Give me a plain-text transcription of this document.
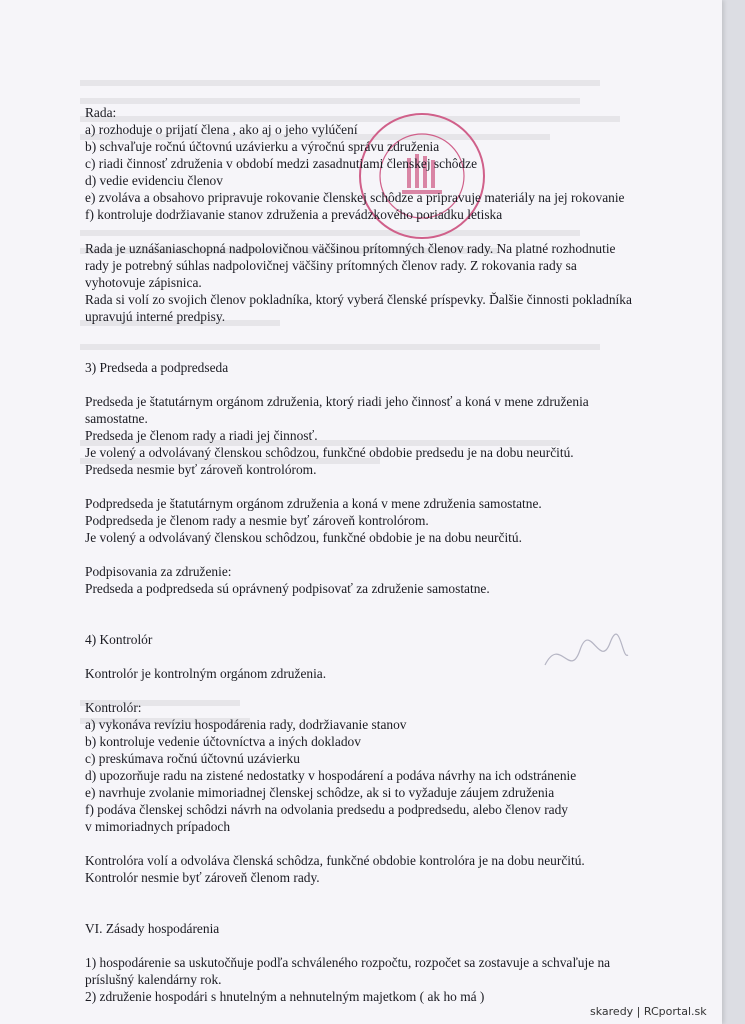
Rada:

a) rozhoduje o prijatí člena , ako aj o jeho vylúčení

b) schvaľuje ročnú účtovnú uzávierku a výročnú správu združenia

c) riadi činnosť združenia v období medzi zasadnutiami členskej schôdze

d) vedie evidenciu členov

e) zvoláva a obsahovo pripravuje rokovanie členskej schôdze a pripravuje materiály na jej rokovanie

f) kontroluje dodržiavanie stanov združenia a prevádzkového poriadku letiska

Rada je uznášaniaschopná nadpolovičnou väčšinou prítomných členov rady. Na platné rozhodnutie

rady je potrebný súhlas nadpolovičnej väčšiny prítomných členov rady. Z rokovania rady sa

vyhotovuje zápisnica.

Rada si volí zo svojich členov pokladníka, ktorý vyberá členské príspevky. Ďalšie činnosti pokladníka

upravujú interné predpisy.

3) Predseda a podpredseda

Predseda je štatutárnym orgánom združenia, ktorý riadi jeho činnosť a koná v mene združenia

samostatne.

Predseda je členom rady a riadi jej činnosť.

Je volený a odvolávaný členskou schôdzou, funkčné obdobie predsedu je na dobu neurčitú.

Predseda nesmie byť zároveň kontrolórom.

Podpredseda je štatutárnym orgánom združenia a koná v mene združenia samostatne.

Podpredseda je členom rady a nesmie byť zároveň kontrolórom.

Je volený a odvolávaný členskou schôdzou, funkčné obdobie je na dobu neurčitú.

Podpisovania za združenie:

Predseda a podpredseda sú oprávnený podpisovať za združenie samostatne.

4) Kontrolór

Kontrolór je kontrolným orgánom združenia.

Kontrolór:

a) vykonáva revíziu hospodárenia rady, dodržiavanie stanov

b) kontroluje vedenie účtovníctva a iných dokladov

c) preskúmava ročnú účtovnú uzávierku

d) upozorňuje radu na zistené nedostatky v hospodárení a podáva návrhy na ich odstránenie

e) navrhuje zvolanie mimoriadnej členskej schôdze, ak si to vyžaduje záujem združenia

f) podáva členskej schôdzi návrh na odvolania predsedu a podpredsedu, alebo členov rady

v mimoriadnych prípadoch

Kontrolóra volí a odvoláva členská schôdza, funkčné obdobie kontrolóra je na dobu neurčitú.

Kontrolór nesmie byť zároveň členom rady.

VI. Zásady hospodárenia

1) hospodárenie sa uskutočňuje podľa schváleného rozpočtu, rozpočet sa zostavuje a schvaľuje na

príslušný kalendárny rok.

2) združenie hospodári s hnutelným a nehnutelným majetkom ( ak ho má )

skaredy | RCportal.sk
